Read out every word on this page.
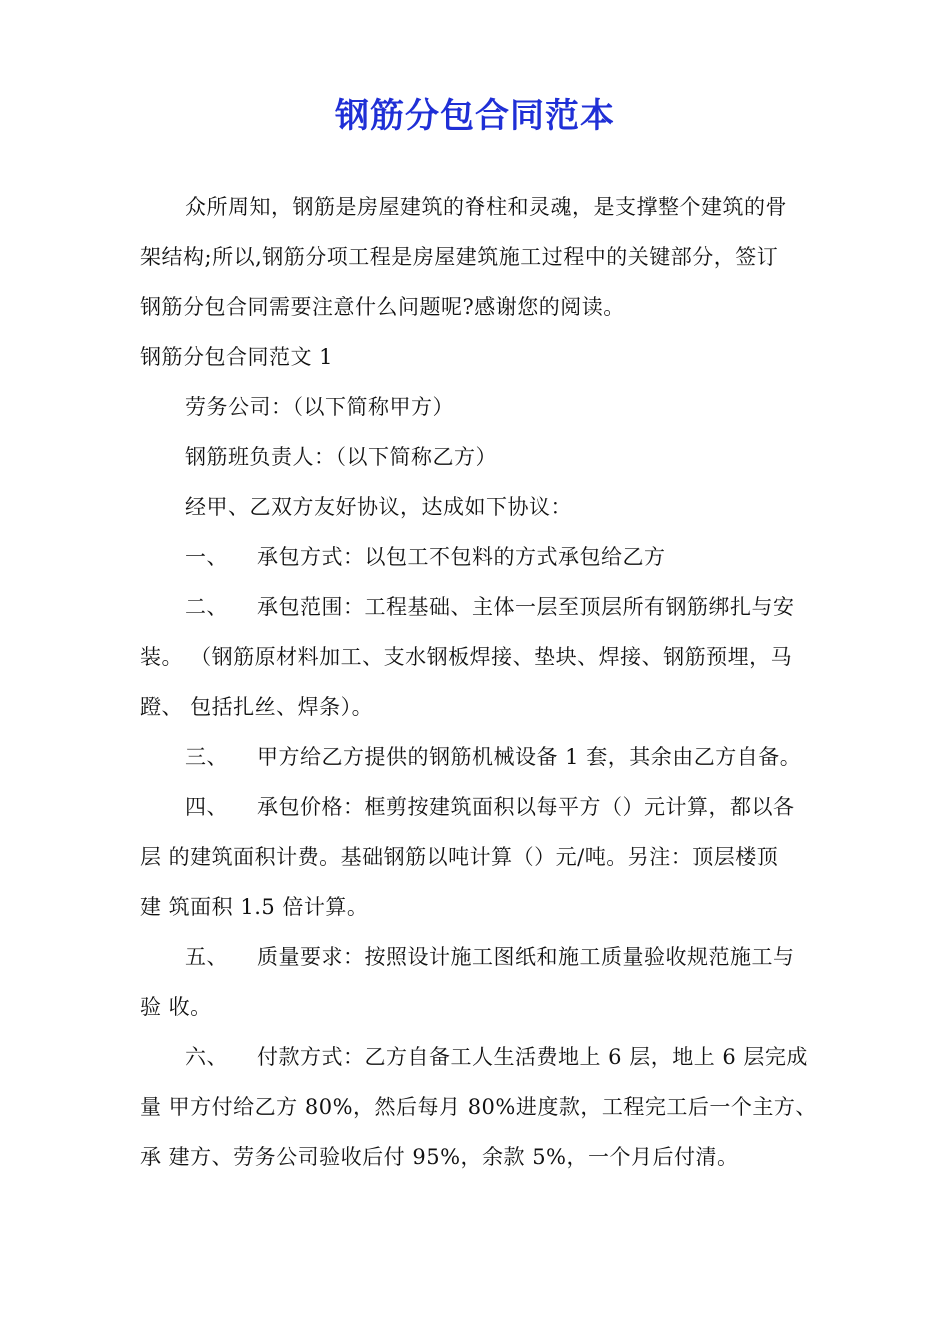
钢筋分包合同范本
众所周知，钢筋是房屋建筑的脊柱和灵魂，是支撑整个建筑的骨
架结构;所以,钢筋分项工程是房屋建筑施工过程中的关键部分，签订
钢筋分包合同需要注意什么问题呢?感谢您的阅读。
钢筋分包合同范文 1
劳务公司：（以下简称甲方）
钢筋班负责人：（以下简称乙方）
经甲、乙双方友好协议，达成如下协议：
一、 承包方式：以包工不包料的方式承包给乙方
二、 承包范围：工程基础、主体一层至顶层所有钢筋绑扎与安
装。 （钢筋原材料加工、支水钢板焊接、垫块、焊接、钢筋预埋，马
蹬、 包括扎丝、焊条）。
三、 甲方给乙方提供的钢筋机械设备 1 套，其余由乙方自备。
四、 承包价格：框剪按建筑面积以每平方（）元计算，都以各
层 的建筑面积计费。基础钢筋以吨计算（）元/吨。另注：顶层楼顶
建 筑面积 1.5 倍计算。
五、 质量要求：按照设计施工图纸和施工质量验收规范施工与
验 收。
六、 付款方式：乙方自备工人生活费地上 6 层，地上 6 层完成
量 甲方付给乙方 80%，然后每月 80%进度款，工程完工后一个主方、
承 建方、劳务公司验收后付 95%，余款 5%，一个月后付清。
